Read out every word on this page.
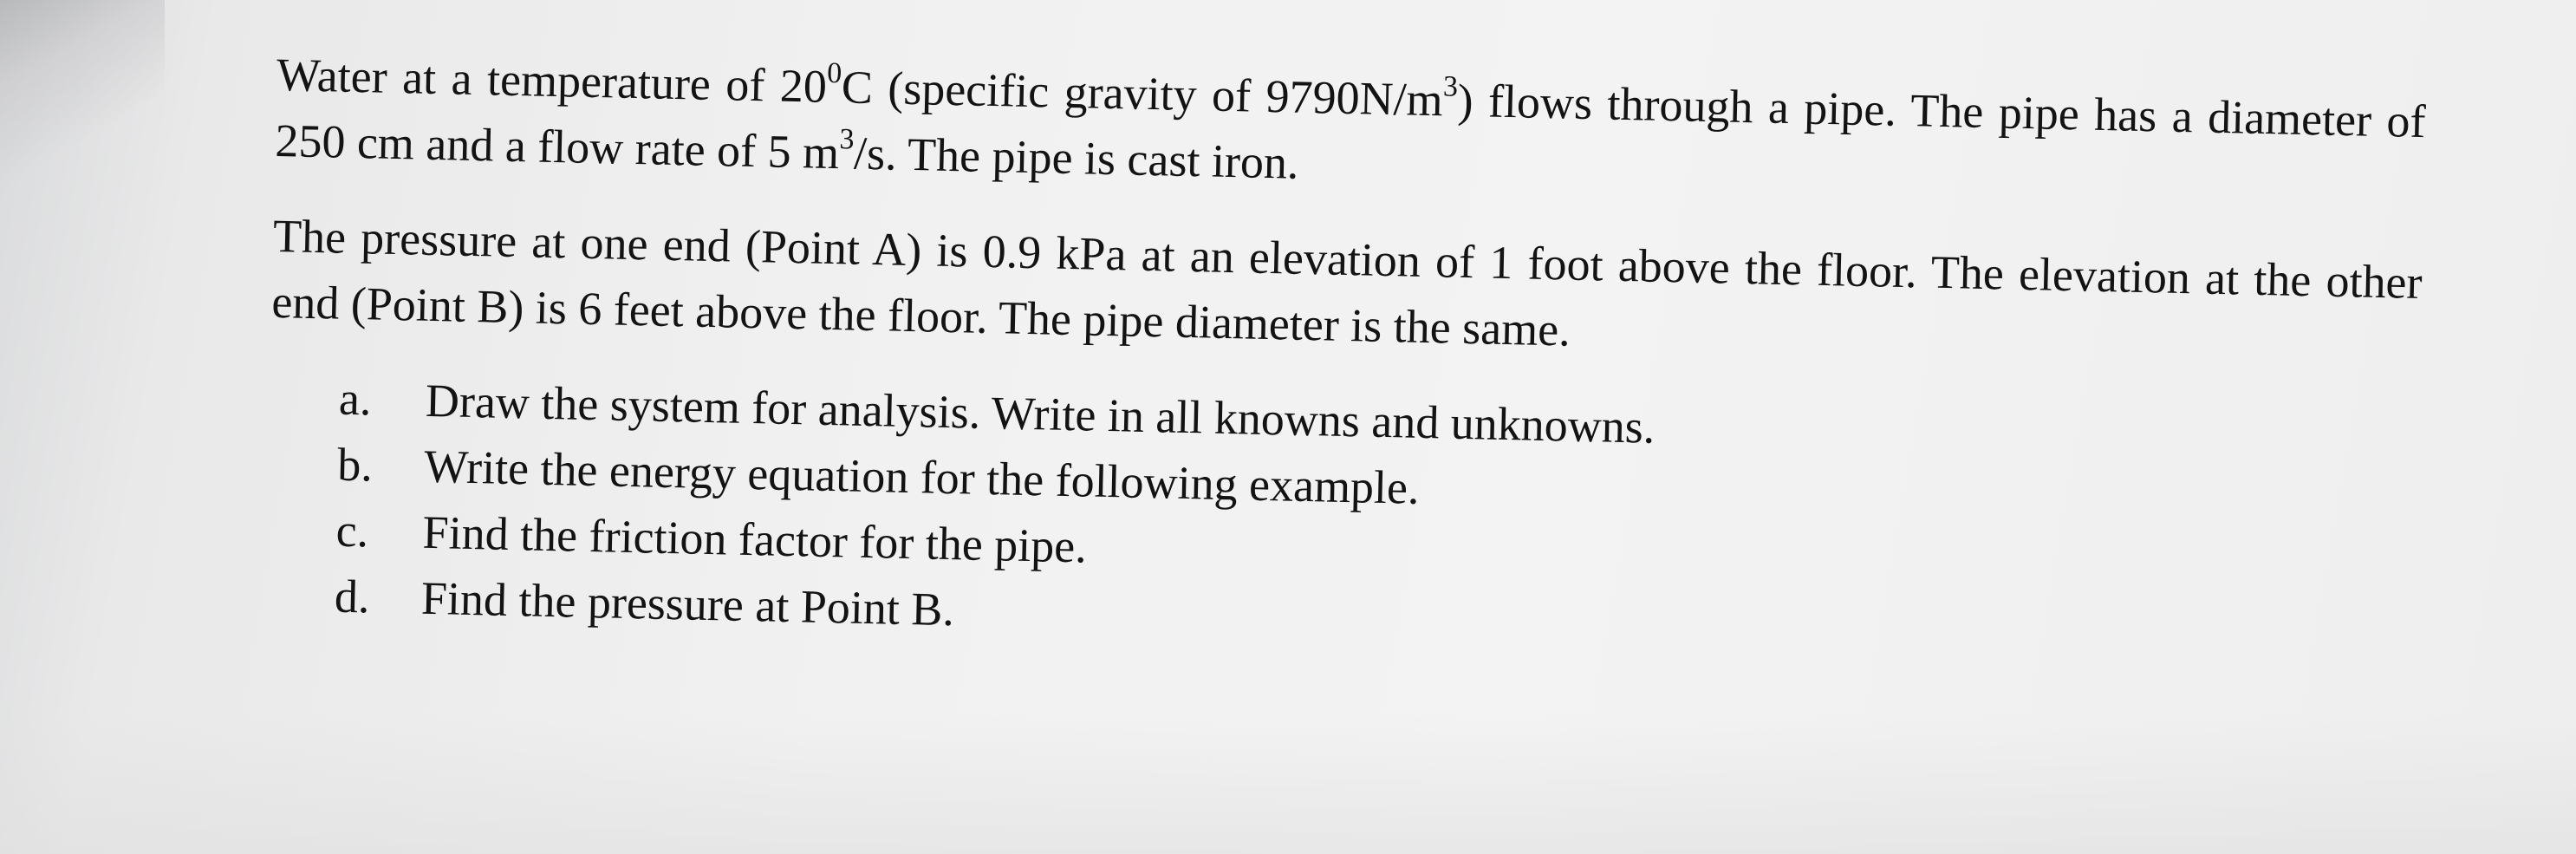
Water at a temperature of $20^0C$ (specific gravity of $9790N/m^3$) flows through a pipe. The pipe has a diameter of 250 cm and a flow rate of 5 $m^3/s$. The pipe is cast iron.

The pressure at one end (Point A) is 0.9 kPa at an elevation of 1 foot above the floor. The elevation at the other end (Point B) is 6 feet above the floor. The pipe diameter is the same.

a.	Draw the system for analysis. Write in all knowns and unknowns.
b.	Write the energy equation for the following example.
c.	Find the friction factor for the pipe.
d.	Find the pressure at Point B.
